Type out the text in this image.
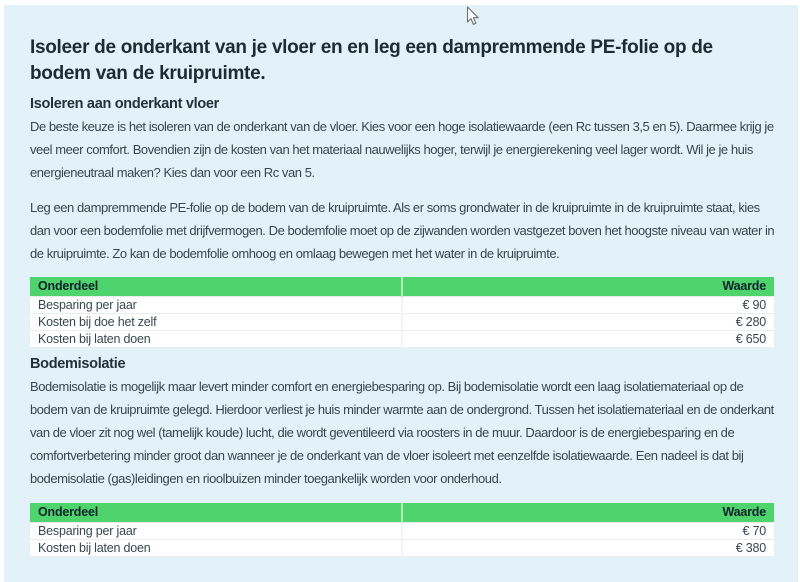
Isoleer de onderkant van je vloer en en leg een dampremmende PE-folie op de bodem van de kruipruimte.
Isoleren aan onderkant vloer

De beste keuze is het isoleren van de onderkant van de vloer. Kies voor een hoge isolatiewaarde (een Rc tussen 3,5 en 5). Daarmee krijg je veel meer comfort. Bovendien zijn de kosten van het materiaal nauwelijks hoger, terwijl je energierekening veel lager wordt. Wil je je huis energieneutraal maken? Kies dan voor een Rc van 5.

Leg een dampremmende PE-folie op de bodem van de kruipruimte. Als er soms grondwater in de kruipruimte in de kruipruimte staat, kies dan voor een bodemfolie met drijfvermogen. De bodemfolie moet op de zijwanden worden vastgezet boven het hoogste niveau van water in de kruipruimte. Zo kan de bodemfolie omhoog en omlaag bewegen met het water in de kruipruimte.

Onderdeel	Waarde
Besparing per jaar	€ 90
Kosten bij doe het zelf	€ 280
Kosten bij laten doen	€ 650
Bodemisolatie

Bodemisolatie is mogelijk maar levert minder comfort en energiebesparing op. Bij bodemisolatie wordt een laag isolatiemateriaal op de bodem van de kruipruimte gelegd. Hierdoor verliest je huis minder warmte aan de ondergrond. Tussen het isolatiemateriaal en de onderkant van de vloer zit nog wel (tamelijk koude) lucht, die wordt geventileerd via roosters in de muur. Daardoor is de energiebesparing en de comfortverbetering minder groot dan wanneer je de onderkant van de vloer isoleert met eenzelfde isolatiewaarde. Een nadeel is dat bij bodemisolatie (gas)leidingen en rioolbuizen minder toegankelijk worden voor onderhoud.

Onderdeel	Waarde
Besparing per jaar	€ 70
Kosten bij laten doen	€ 380
